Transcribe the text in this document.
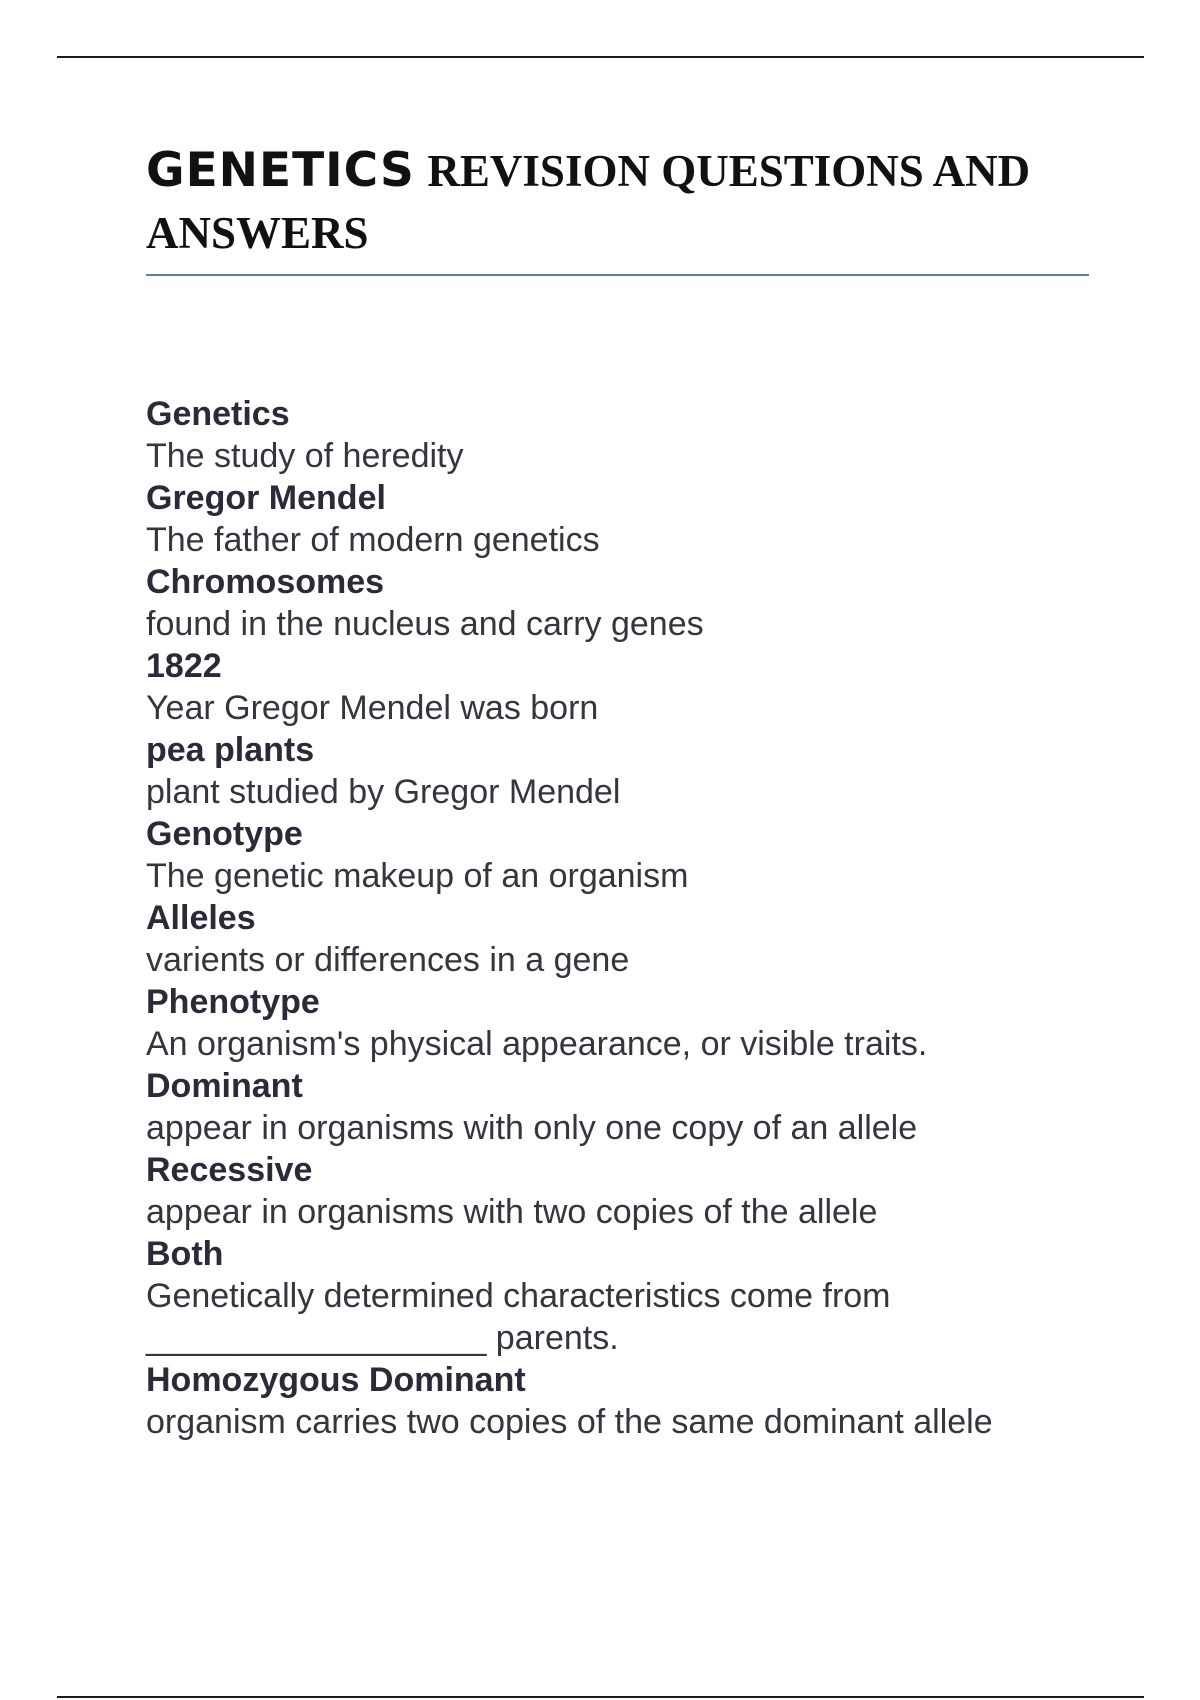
GENETICS REVISION QUESTIONS AND ANSWERS
Genetics
The study of heredity
Gregor Mendel
The father of modern genetics
Chromosomes
found in the nucleus and carry genes
1822
Year Gregor Mendel was born
pea plants
plant studied by Gregor Mendel
Genotype
The genetic makeup of an organism
Alleles
varients or differences in a gene
Phenotype
An organism's physical appearance, or visible traits.
Dominant
appear in organisms with only one copy of an allele
Recessive
appear in organisms with two copies of the allele
Both
Genetically determined characteristics come from __________________ parents.
Homozygous Dominant
organism carries two copies of the same dominant allele
